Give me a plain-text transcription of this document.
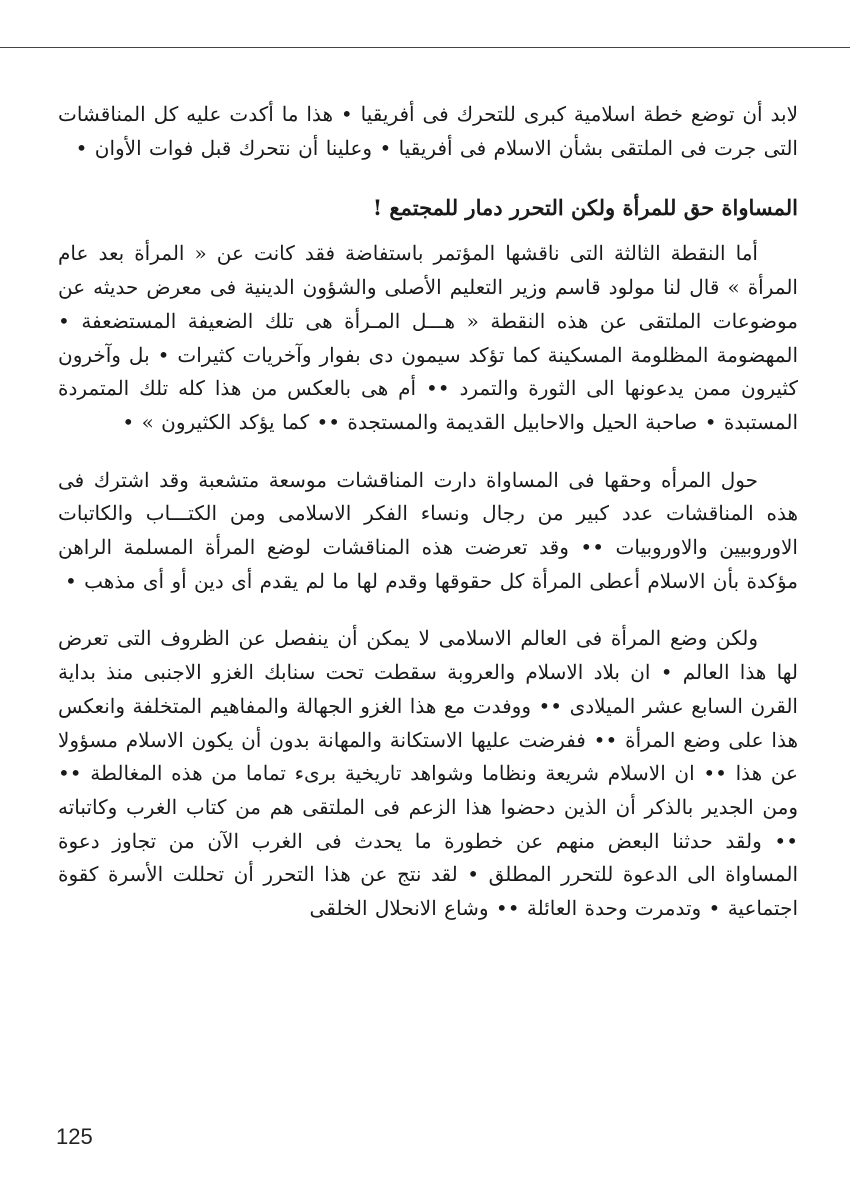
لابد أن توضع خطة اسلامية كبرى للتحرك فى أفريقيا • هذا ما أكدت عليه كل المناقشات التى جرت فى الملتقى بشأن الاسلام فى أفريقيا • وعلينا أن نتحرك قبل فوات الأوان •

المساواة حق للمرأة ولكن التحرر دمار للمجتمع !

أما النقطة الثالثة التى ناقشها المؤتمر باستفاضة فقد كانت عن « المرأة بعد عام المرأة » قال لنا مولود قاسم وزير التعليم الأصلى والشؤون الدينية فى معرض حديثه عن موضوعات الملتقى عن هذه النقطة « هـــل المـرأة هى تلك الضعيفة المستضعفة • المهضومة المظلومة المسكينة كما تؤكد سيمون دى بفوار وآخريات كثيرات • بل وآخرون كثيرون ممن يدعونها الى الثورة والتمرد •• أم هى بالعكس من هذا كله تلك المتمردة المستبدة • صاحبة الحيل والاحابيل القديمة والمستجدة •• كما يؤكد الكثيرون » •

حول المرأه وحقها فى المساواة دارت المناقشات موسعة متشعبة وقد اشترك فى هذه المناقشات عدد كبير من رجال ونساء الفكر الاسلامى ومن الكتـــاب والكاتبات الاوروبيين والاوروبيات •• وقد تعرضت هذه المناقشات لوضع المرأة المسلمة الراهن مؤكدة بأن الاسلام أعطى المرأة كل حقوقها وقدم لها ما لم يقدم أى دين أو أى مذهب •

ولكن وضع المرأة فى العالم الاسلامى لا يمكن أن ينفصل عن الظروف التى تعرض لها هذا العالم • ان بلاد الاسلام والعروبة سقطت تحت سنابك الغزو الاجنبى منذ بداية القرن السابع عشر الميلادى •• ووفدت مع هذا الغزو الجهالة والمفاهيم المتخلفة وانعكس هذا على وضع المرأة •• ففرضت عليها الاستكانة والمهانة بدون أن يكون الاسلام مسؤولا عن هذا •• ان الاسلام شريعة ونظاما وشواهد تاريخية برىء تماما من هذه المغالطة •• ومن الجدير بالذكر أن الذين دحضوا هذا الزعم فى الملتقى هم من كتاب الغرب وكاتباته •• ولقد حدثنا البعض منهم عن خطورة ما يحدث فى الغرب الآن من تجاوز دعوة المساواة الى الدعوة للتحرر المطلق • لقد نتج عن هذا التحرر أن تحللت الأسرة كقوة اجتماعية • وتدمرت وحدة العائلة •• وشاع الانحلال الخلقى

125
